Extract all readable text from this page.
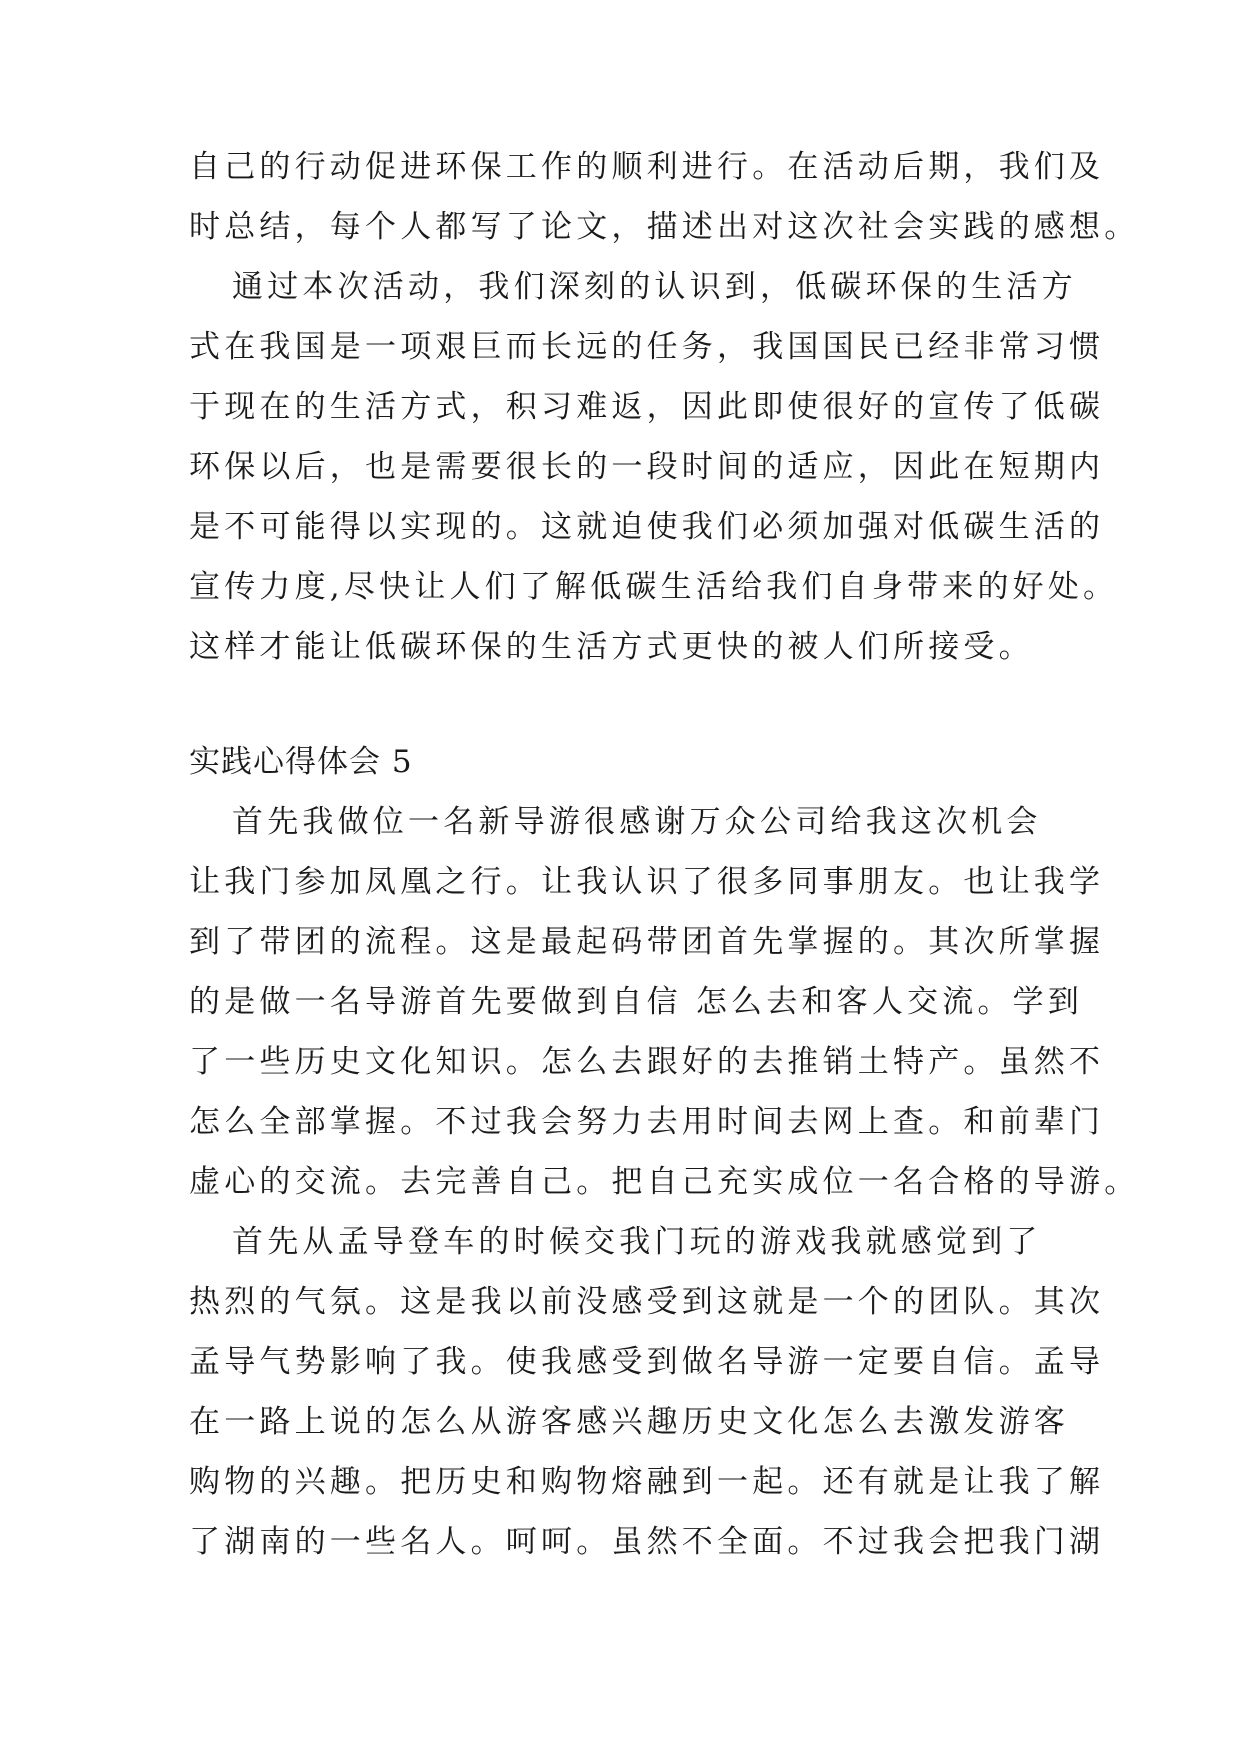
自己的行动促进环保工作的顺利进行。在活动后期，我们及
时总结，每个人都写了论文，描述出对这次社会实践的感想。
通过本次活动，我们深刻的认识到，低碳环保的生活方
式在我国是一项艰巨而长远的任务，我国国民已经非常习惯
于现在的生活方式，积习难返，因此即使很好的宣传了低碳
环保以后，也是需要很长的一段时间的适应，因此在短期内
是不可能得以实现的。这就迫使我们必须加强对低碳生活的
宣传力度,尽快让人们了解低碳生活给我们自身带来的好处。
这样才能让低碳环保的生活方式更快的被人们所接受。
实践心得体会 5
首先我做位一名新导游很感谢万众公司给我这次机会
让我门参加凤凰之行。让我认识了很多同事朋友。也让我学
到了带团的流程。这是最起码带团首先掌握的。其次所掌握
的是做一名导游首先要做到自信 怎么去和客人交流。学到
了一些历史文化知识。怎么去跟好的去推销土特产。虽然不
怎么全部掌握。不过我会努力去用时间去网上查。和前辈门
虚心的交流。去完善自己。把自己充实成位一名合格的导游。
首先从孟导登车的时候交我门玩的游戏我就感觉到了
热烈的气氛。这是我以前没感受到这就是一个的团队。其次
孟导气势影响了我。使我感受到做名导游一定要自信。孟导
在一路上说的怎么从游客感兴趣历史文化怎么去激发游客
购物的兴趣。把历史和购物熔融到一起。还有就是让我了解
了湖南的一些名人。呵呵。虽然不全面。不过我会把我门湖
